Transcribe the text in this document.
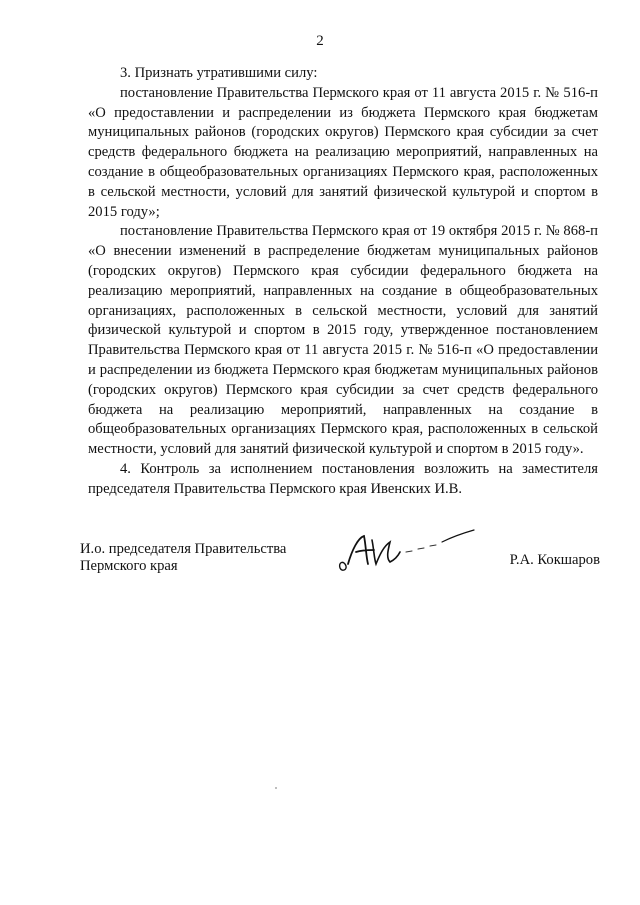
2

3. Признать утратившими силу:

постановление Правительства Пермского края от 11 августа 2015 г. № 516-п «О предоставлении и распределении из бюджета Пермского края бюджетам муниципальных районов (городских округов) Пермского края субсидии за счет средств федерального бюджета на реализацию мероприятий, направленных на создание в общеобразовательных организациях Пермского края, расположенных в сельской местности, условий для занятий физической культурой и спортом в 2015 году»;

постановление Правительства Пермского края от 19 октября 2015 г. № 868-п «О внесении изменений в распределение бюджетам муниципальных районов (городских округов) Пермского края субсидии федерального бюджета на реализацию мероприятий, направленных на создание в общеобразовательных организациях, расположенных в сельской местности, условий для занятий физической культурой и спортом в 2015 году, утвержденное постановлением Правительства Пермского края от 11 августа 2015 г. № 516-п «О предоставлении и распределении из бюджета Пермского края бюджетам муниципальных районов (городских округов) Пермского края субсидии за счет средств федерального бюджета на реализацию мероприятий, направленных на создание в общеобразовательных организациях Пермского края, расположенных в сельской местности, условий для занятий физической культурой и спортом в 2015 году».

4. Контроль за исполнением постановления возложить на заместителя председателя Правительства Пермского края Ивенских И.В.

И.о. председателя Правительства
Пермского края	Р.А. Кокшаров
